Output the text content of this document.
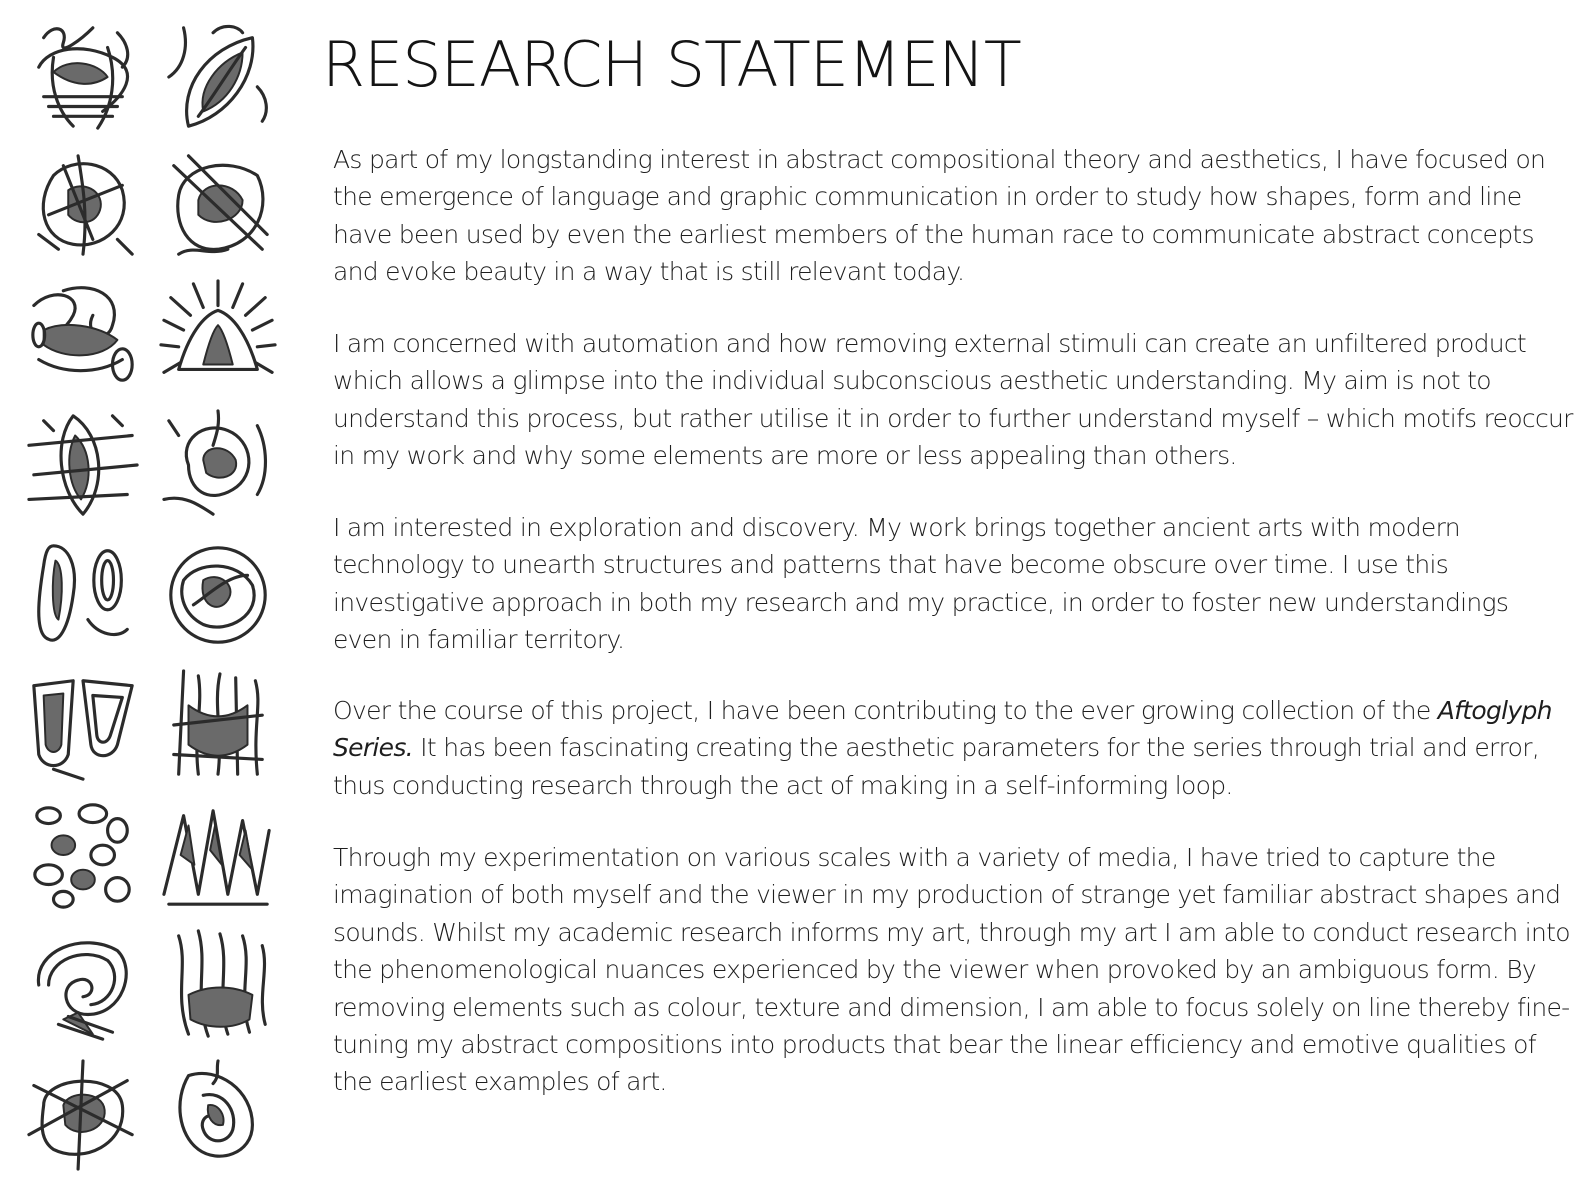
RESEARCH STATEMENT

As part of my longstanding interest in abstract compositional theory and aesthetics, I have focused on the emergence of language and graphic communication in order to study how shapes, form and line have been used by even the earliest members of the human race to communicate abstract concepts and evoke beauty in a way that is still relevant today.

I am concerned with automation and how removing external stimuli can create an unfiltered product which allows a glimpse into the individual subconscious aesthetic understanding. My aim is not to understand this process, but rather utilise it in order to further understand myself – which motifs reoccur in my work and why some elements are more or less appealing than others.

I am interested in exploration and discovery. My work brings together ancient arts with modern technology to unearth structures and patterns that have become obscure over time. I use this investigative approach in both my research and my practice, in order to foster new understandings even in familiar territory.

Over the course of this project, I have been contributing to the ever growing collection of the Aftoglyph Series. It has been fascinating creating the aesthetic parameters for the series through trial and error, thus conducting research through the act of making in a self-informing loop.

Through my experimentation on various scales with a variety of media, I have tried to capture the imagination of both myself and the viewer in my production of strange yet familiar abstract shapes and sounds. Whilst my academic research informs my art, through my art I am able to conduct research into the phenomenological nuances experienced by the viewer when provoked by an ambiguous form. By removing elements such as colour, texture and dimension, I am able to focus solely on line thereby fine-tuning my abstract compositions into products that bear the linear efficiency and emotive qualities of the earliest examples of art.
